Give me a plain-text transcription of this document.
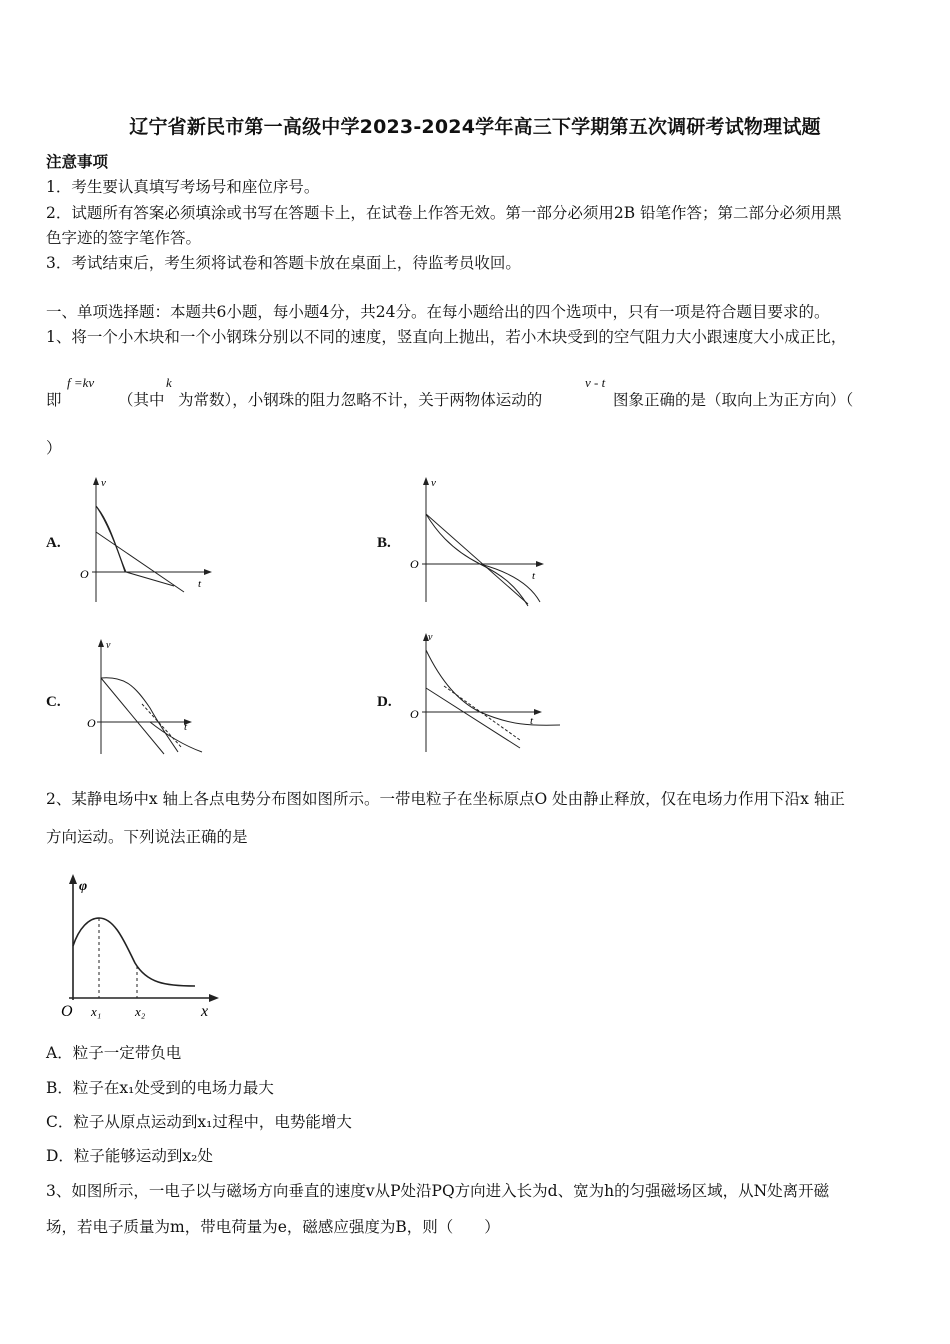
辽宁省新民市第一高级中学2023-2024学年高三下学期第五次调研考试物理试题
注意事项
1．考生要认真填写考场号和座位序号。
2．试题所有答案必须填涂或书写在答题卡上，在试卷上作答无效。第一部分必须用2B 铅笔作答；第二部分必须用黑
色字迹的签字笔作答。
3．考试结束后，考生须将试卷和答题卡放在桌面上，待监考员收回。
一、单项选择题：本题共6小题，每小题4分，共24分。在每小题给出的四个选项中，只有一项是符合题目要求的。
1、将一个小木块和一个小钢珠分别以不同的速度，竖直向上抛出，若小木块受到的空气阻力大小跟速度大小成正比，
即
f =kv
（其中
k
为常数），小钢珠的阻力忽略不计，关于两物体运动的
v - t
图象正确的是（取向上为正方向）（
）
A.
v
t
O
B.
v
t
O
C.
v
t
O
D.
v
t
O
2、某静电场中x 轴上各点电势分布图如图所示。一带电粒子在坐标原点O 处由静止释放，仅在电场力作用下沿x 轴正
方向运动。下列说法正确的是
φ
O x₁	x₂	x
A．粒子一定带负电
B．粒子在x₁处受到的电场力最大
C．粒子从原点运动到x₁过程中，电势能增大
D．粒子能够运动到x₂处
3、如图所示，一电子以与磁场方向垂直的速度v从P处沿PQ方向进入长为d、宽为h的匀强磁场区域，从N处离开磁
场，若电子质量为m，带电荷量为e，磁感应强度为B，则（　　）
